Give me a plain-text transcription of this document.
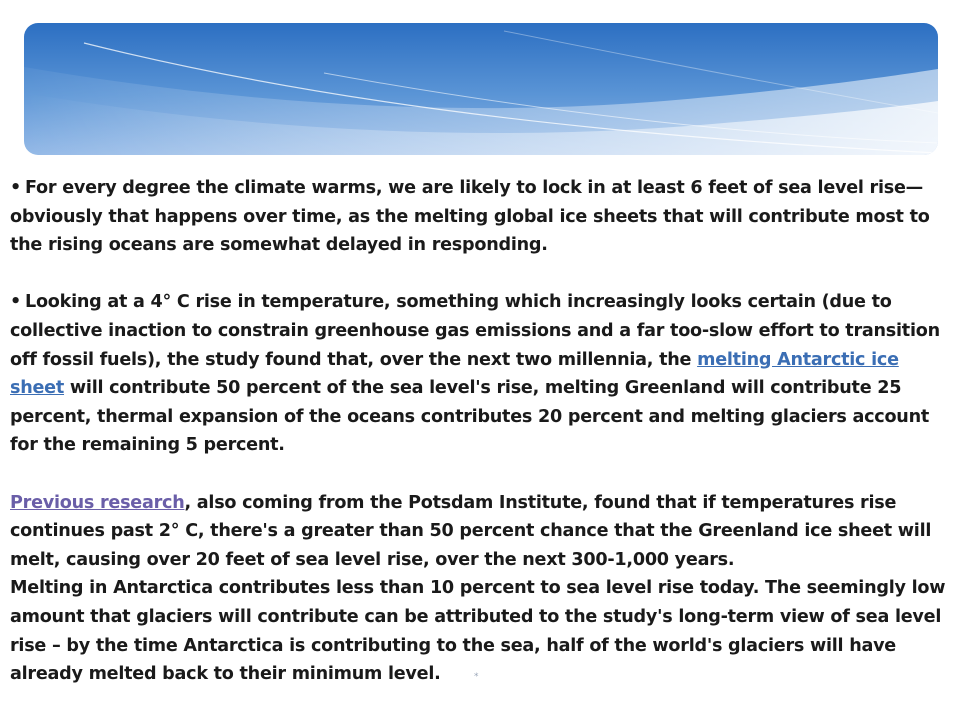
• For every degree the climate warms, we are likely to lock in at least 6 feet of sea level rise—obviously that happens over time, as the melting global ice sheets that will contribute most to the rising oceans are somewhat delayed in responding.

• Looking at a 4° C rise in temperature, something which increasingly looks certain (due to collective inaction to constrain greenhouse gas emissions and a far too-slow effort to transition off fossil fuels), the study found that, over the next two millennia, the melting Antarctic ice sheet will contribute 50 percent of the sea level's rise, melting Greenland will contribute 25 percent, thermal expansion of the oceans contributes 20 percent and melting glaciers account for the remaining 5 percent.

Previous research, also coming from the Potsdam Institute, found that if temperatures rise continues past 2° C, there's a greater than 50 percent chance that the Greenland ice sheet will melt, causing over 20 feet of sea level rise, over the next 300-1,000 years.

Melting in Antarctica contributes less than 10 percent to sea level rise today. The seemingly low amount that glaciers will contribute can be attributed to the study's long-term view of sea level rise – by the time Antarctica is contributing to the sea, half of the world's glaciers will have already melted back to their minimum level.	*
